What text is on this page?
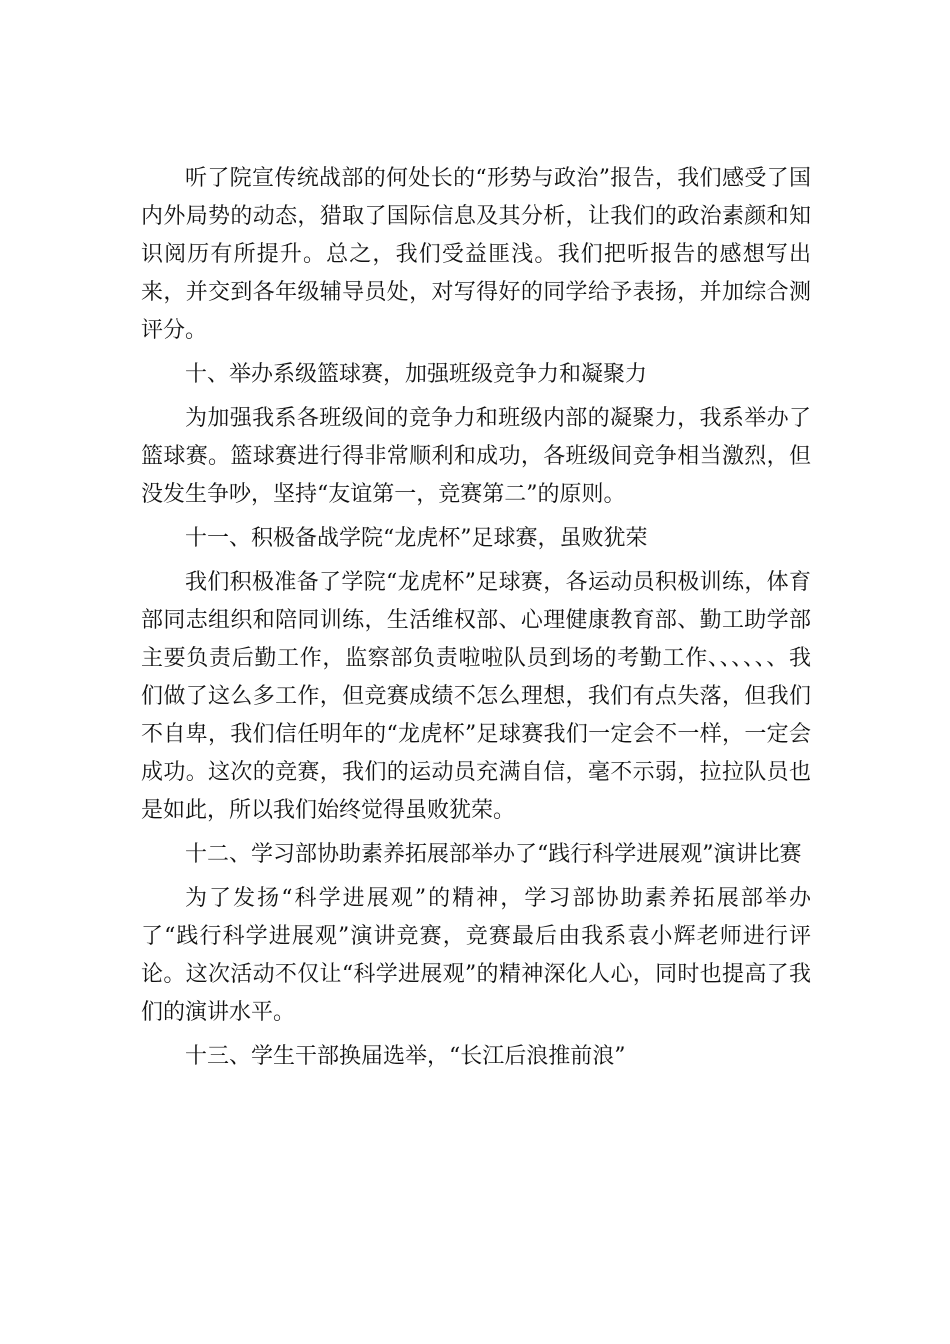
听了院宣传统战部的何处长的“形势与政治”报告，我们感受了国内外局势的动态，猎取了国际信息及其分析，让我们的政治素颜和知识阅历有所提升。总之，我们受益匪浅。我们把听报告的感想写出来，并交到各年级辅导员处，对写得好的同学给予表扬，并加综合测评分。

十、举办系级篮球赛，加强班级竞争力和凝聚力

为加强我系各班级间的竞争力和班级内部的凝聚力，我系举办了篮球赛。篮球赛进行得非常顺利和成功，各班级间竞争相当激烈，但没发生争吵，坚持“友谊第一，竞赛第二”的原则。

十一、积极备战学院“龙虎杯”足球赛，虽败犹荣

我们积极准备了学院“龙虎杯”足球赛，各运动员积极训练，体育部同志组织和陪同训练，生活维权部、心理健康教育部、勤工助学部主要负责后勤工作，监察部负责啦啦队员到场的考勤工作、、、、、、我们做了这么多工作，但竞赛成绩不怎么理想，我们有点失落，但我们不自卑，我们信任明年的“龙虎杯”足球赛我们一定会不一样，一定会成功。这次的竞赛，我们的运动员充满自信，毫不示弱，拉拉队员也是如此，所以我们始终觉得虽败犹荣。

十二、学习部协助素养拓展部举办了“践行科学进展观”演讲比赛

为了发扬“科学进展观”的精神，学习部协助素养拓展部举办了“践行科学进展观”演讲竞赛，竞赛最后由我系袁小辉老师进行评论。这次活动不仅让“科学进展观”的精神深化人心，同时也提高了我们的演讲水平。

十三、学生干部换届选举，“长江后浪推前浪”
